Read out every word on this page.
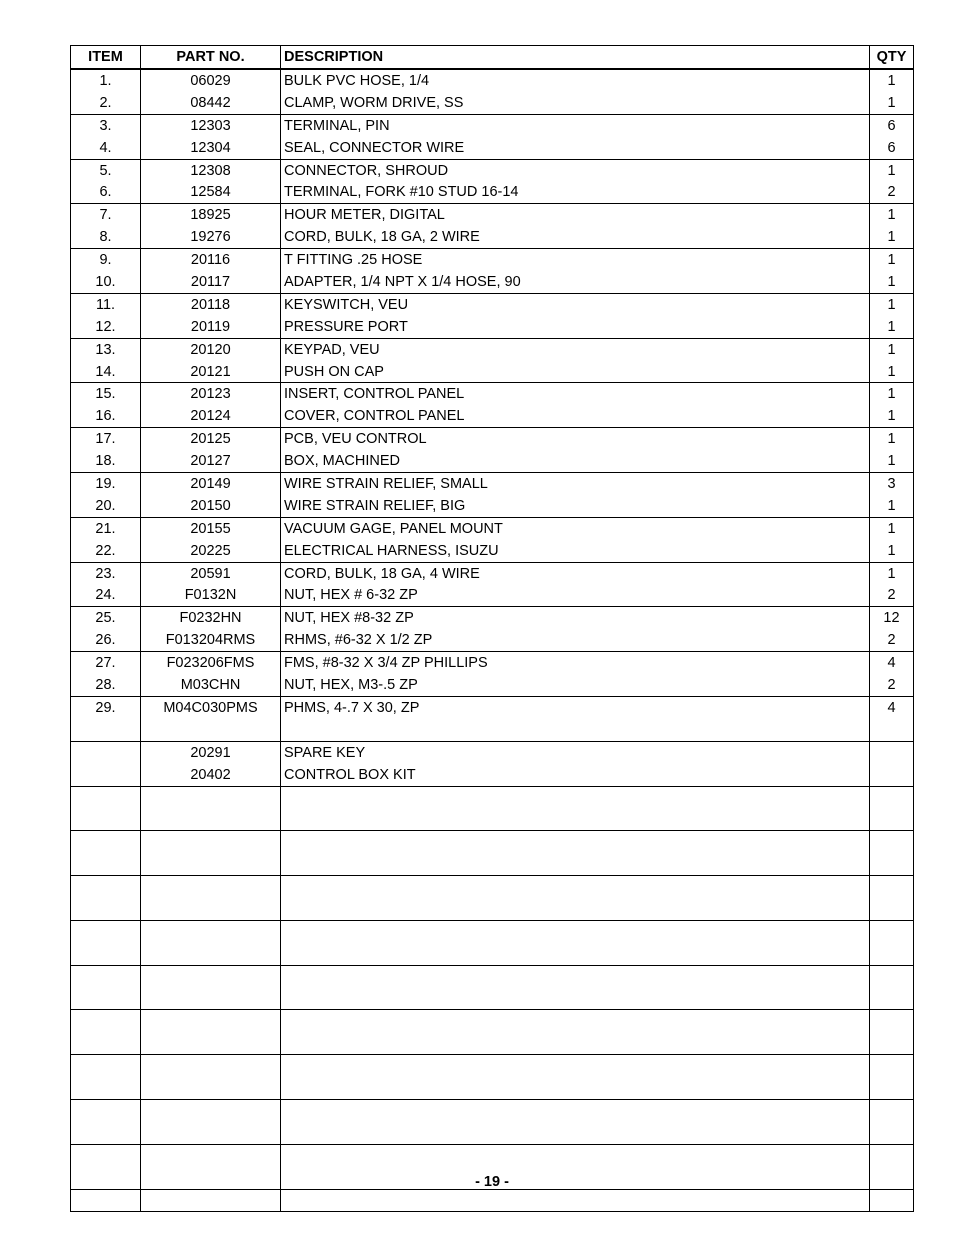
ITEM	PART NO.	DESCRIPTION	QTY
1.	06029	BULK PVC HOSE, 1/4	1
2.	08442	CLAMP, WORM DRIVE, SS	1
3.	12303	TERMINAL, PIN	6
4.	12304	SEAL, CONNECTOR WIRE	6
5.	12308	CONNECTOR, SHROUD	1
6.	12584	TERMINAL, FORK #10 STUD 16-14	2
7.	18925	HOUR METER, DIGITAL	1
8.	19276	CORD, BULK, 18 GA, 2 WIRE	1
9.	20116	T FITTING .25 HOSE	1
10.	20117	ADAPTER, 1/4 NPT X 1/4 HOSE, 90	1
11.	20118	KEYSWITCH, VEU	1
12.	20119	PRESSURE PORT	1
13.	20120	KEYPAD, VEU	1
14.	20121	PUSH ON CAP	1
15.	20123	INSERT, CONTROL PANEL	1
16.	20124	COVER, CONTROL PANEL	1
17.	20125	PCB, VEU CONTROL	1
18.	20127	BOX, MACHINED	1
19.	20149	WIRE STRAIN RELIEF, SMALL	3
20.	20150	WIRE STRAIN RELIEF, BIG	1
21.	20155	VACUUM GAGE, PANEL MOUNT	1
22.	20225	ELECTRICAL HARNESS, ISUZU	1
23.	20591	CORD, BULK, 18 GA, 4 WIRE	1
24.	F0132N	NUT, HEX # 6-32 ZP	2
25.	F0232HN	NUT, HEX #8-32 ZP	12
26.	F013204RMS	RHMS, #6-32 X 1/2 ZP	2
27.	F023206FMS	FMS, #8-32 X 3/4 ZP PHILLIPS	4
28.	M03CHN	NUT, HEX, M3-.5 ZP	2
29.	M04C030PMS	PHMS, 4-.7 X 30, ZP	4

	20291	SPARE KEY	
	20402	CONTROL BOX KIT	

- 19 -
